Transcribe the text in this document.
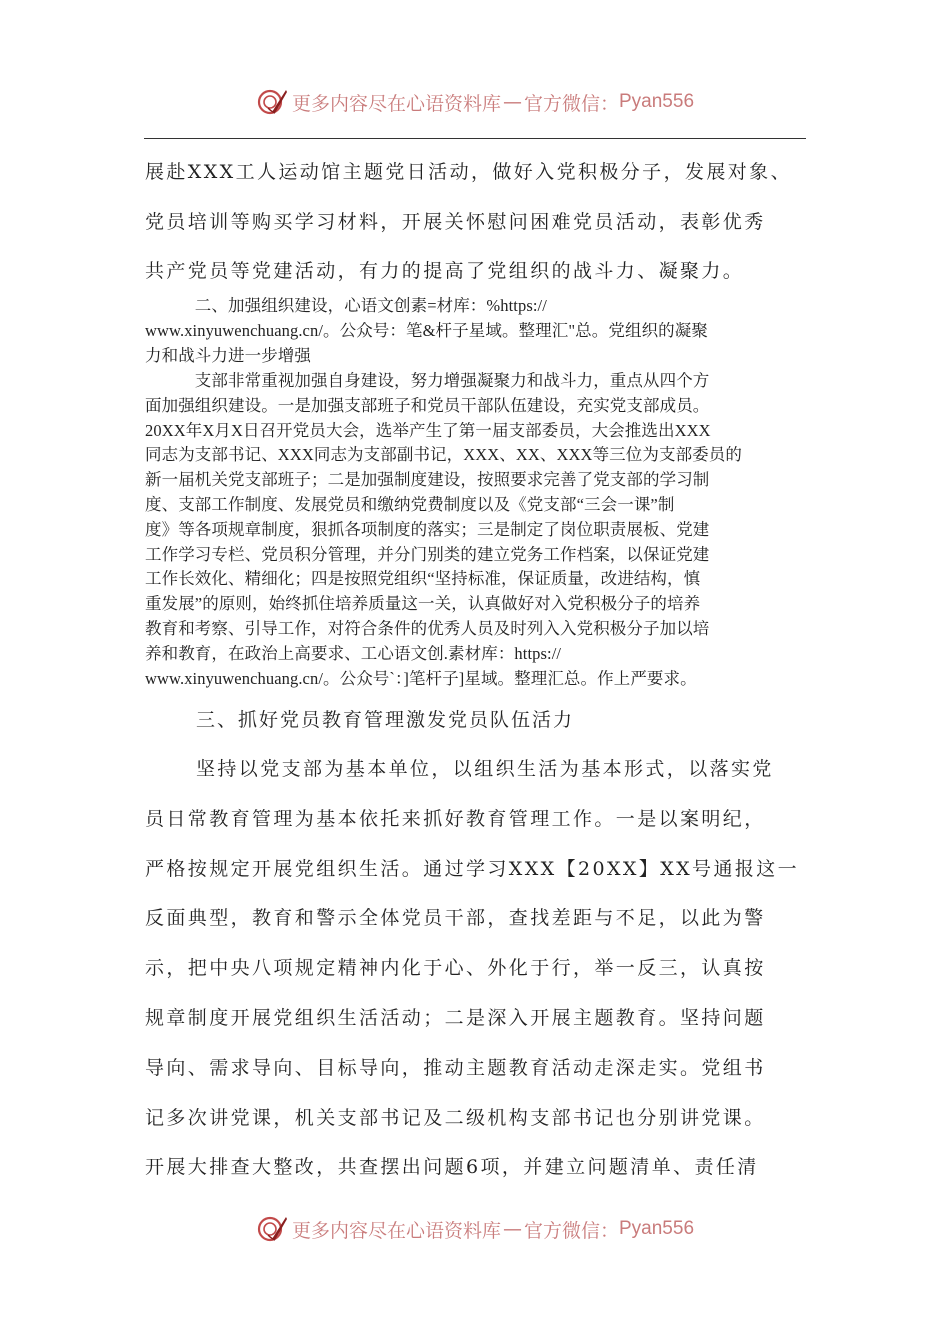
更多内容尽在心语资料库 — 官方微信： Pyan556
展赴XXX工人运动馆主题党日活动，做好入党积极分子，发展对象、
党员培训等购买学习材料，开展关怀慰问困难党员活动，表彰优秀
共产党员等党建活动，有力的提高了党组织的战斗力、凝聚力。
　　　二、加强组织建设，心语文创素=材库：%https://
www.xinyuwenchuang.cn/。公众号：笔&杆子星域。整理汇"总。党组织的凝聚
力和战斗力进一步增强
　　　支部非常重视加强自身建设，努力增强凝聚力和战斗力，重点从四个方
面加强组织建设。一是加强支部班子和党员干部队伍建设，充实党支部成员。
20XX年X月X日召开党员大会，选举产生了第一届支部委员，大会推选出XXX
同志为支部书记、XXX同志为支部副书记，XXX、XX、XXX等三位为支部委员的
新一届机关党支部班子；二是加强制度建设，按照要求完善了党支部的学习制
度、支部工作制度、发展党员和缴纳党费制度以及《党支部“三会一课”制
度》等各项规章制度，狠抓各项制度的落实；三是制定了岗位职责展板、党建
工作学习专栏、党员积分管理，并分门别类的建立党务工作档案，以保证党建
工作长效化、精细化；四是按照党组织“坚持标准，保证质量，改进结构，慎
重发展”的原则，始终抓住培养质量这一关，认真做好对入党积极分子的培养
教育和考察、引导工作，对符合条件的优秀人员及时列入入党积极分子加以培
养和教育，在政治上高要求、工心语文创.素材库：https://
www.xinyuwenchuang.cn/。公众号`：]笔杆子]星域。整理汇总。作上严要求。
三、抓好党员教育管理激发党员队伍活力
坚持以党支部为基本单位，以组织生活为基本形式，以落实党
员日常教育管理为基本依托来抓好教育管理工作。一是以案明纪，
严格按规定开展党组织生活。通过学习XXX【20XX】XX号通报这一
反面典型，教育和警示全体党员干部，查找差距与不足，以此为警
示，把中央八项规定精神内化于心、外化于行，举一反三，认真按
规章制度开展党组织生活活动；二是深入开展主题教育。坚持问题
导向、需求导向、目标导向，推动主题教育活动走深走实。党组书
记多次讲党课，机关支部书记及二级机构支部书记也分别讲党课。
开展大排查大整改，共查摆出问题6项，并建立问题清单、责任清
更多内容尽在心语资料库 — 官方微信： Pyan556
